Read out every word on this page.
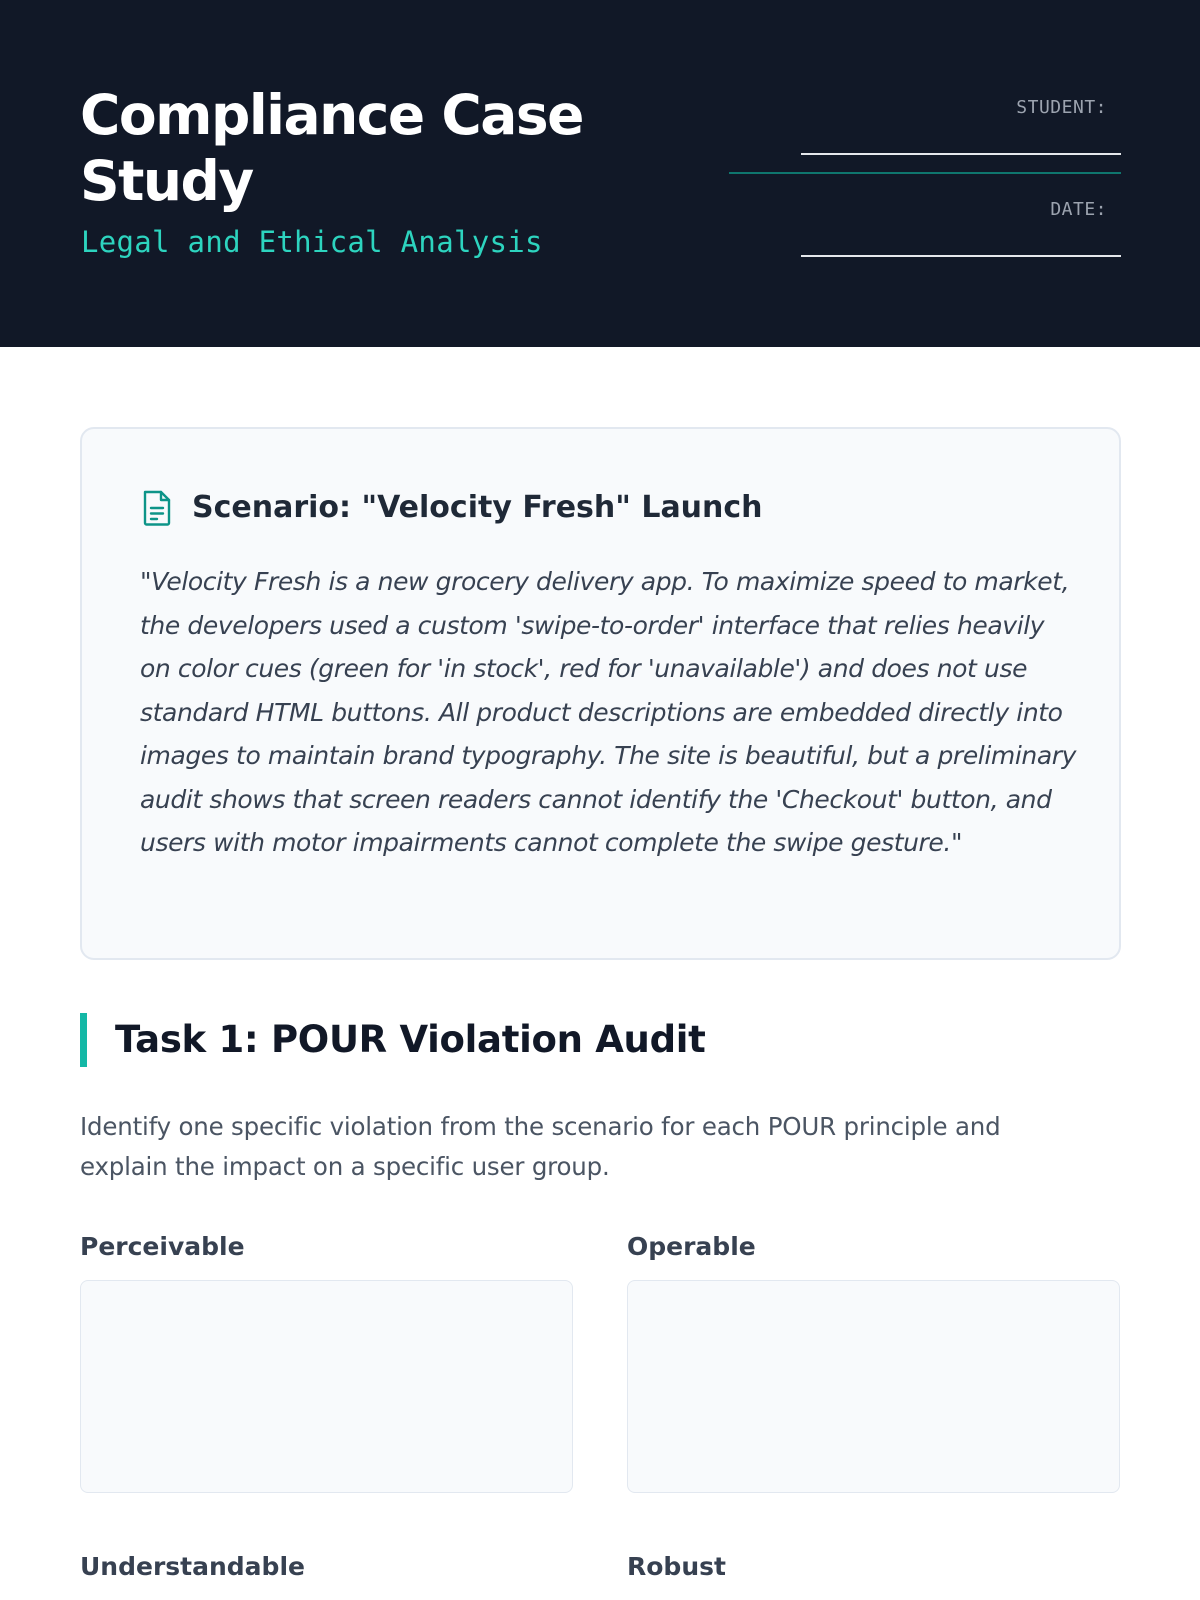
Compliance Case Study
Legal and Ethical Analysis
STUDENT:
DATE:
Scenario: "Velocity Fresh" Launch

"Velocity Fresh is a new grocery delivery app. To maximize speed to market, the developers used a custom 'swipe-to-order' interface that relies heavily on color cues (green for 'in stock', red for 'unavailable') and does not use standard HTML buttons. All product descriptions are embedded directly into images to maintain brand typography. The site is beautiful, but a preliminary audit shows that screen readers cannot identify the 'Checkout' button, and users with motor impairments cannot complete the swipe gesture."

Task 1: POUR Violation Audit

Identify one specific violation from the scenario for each POUR principle and explain the impact on a specific user group.

Perceivable	Operable
Understandable	Robust
